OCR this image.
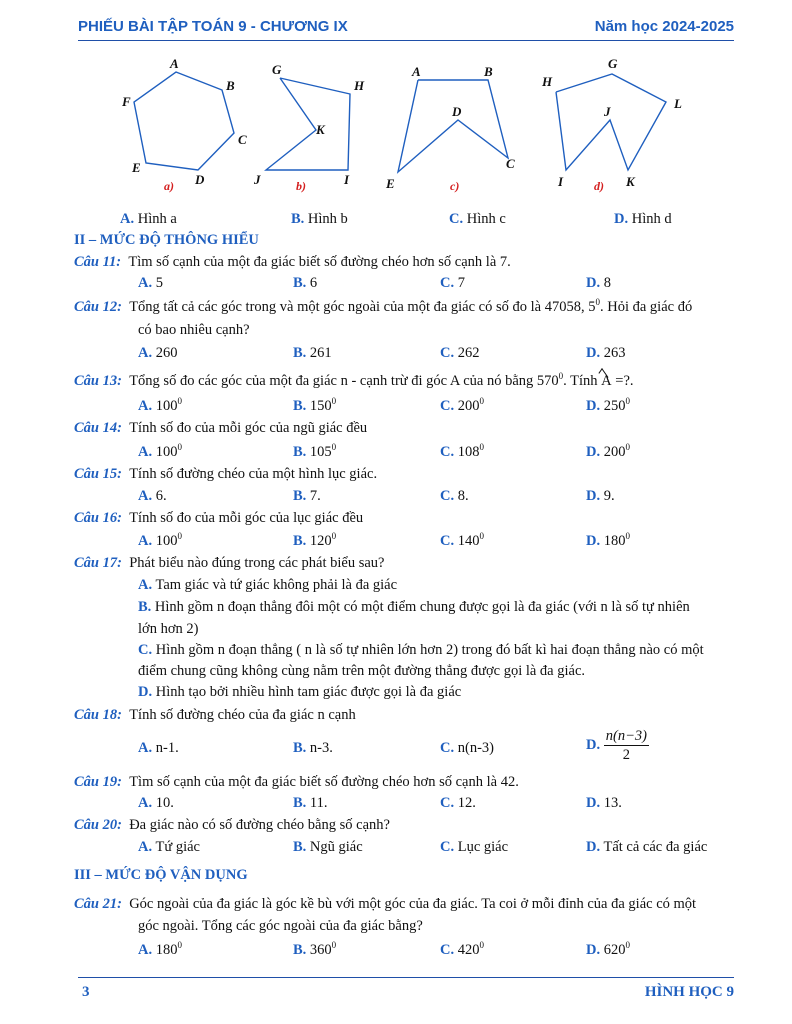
PHIẾU BÀI TẬP TOÁN 9 - CHƯƠNG IX	Năm học 2024-2025
A
B
C
D
E
F
G
H
K
I
J
A	B
D
C
E
G
H
L
J
I	K
a)	b)	c)	d)
A. Hình a	B. Hình b	C. Hình c	D. Hình d
II – MỨC ĐỘ THÔNG HIỂU
Câu 11: Tìm số cạnh của một đa giác biết số đường chéo hơn số cạnh là 7.
A. 5	B. 6	C. 7	D. 8
Câu 12: Tổng tất cả các góc trong và một góc ngoài của một đa giác có số đo là 47058, $5^0$. Hỏi đa giác đó
có bao nhiêu cạnh?
A. 260	B. 261	C. 262	D. 263
Câu 13: Tổng số đo các góc của một đa giác n - cạnh trừ đi góc A của nó bằng $570^0$. Tính A =?.
A. $100^0$	B. $150^0$	C. $200^0$	D. $250^0$
Câu 14: Tính số đo của mỗi góc của ngũ giác đều
A. $100^0$	B. $105^0$	C. $108^0$	D. $200^0$
Câu 15: Tính số đường chéo của một hình lục giác.
A. 6.	B. 7.	C. 8.	D. 9.
Câu 16: Tính số đo của mỗi góc của lục giác đều
A. $100^0$	B. $120^0$	C. $140^0$	D. $180^0$
Câu 17: Phát biểu nào đúng trong các phát biểu sau?
A. Tam giác và tứ giác không phải là đa giác
B. Hình gồm n đoạn thẳng đôi một có một điểm chung được gọi là đa giác (với n là số tự nhiên
lớn hơn 2)
C. Hình gồm n đoạn thẳng ( n là số tự nhiên lớn hơn 2) trong đó bất kì hai đoạn thẳng nào có một
điểm chung cũng không cùng nằm trên một đường thẳng được gọi là đa giác.
D. Hình tạo bởi nhiều hình tam giác được gọi là đa giác
Câu 18: Tính số đường chéo của đa giác n cạnh
A. n-1.	B. n-3.	C. n(n-3)	D. $\frac{n(n-3)}{2}$
Câu 19: Tìm số cạnh của một đa giác biết số đường chéo hơn số cạnh là 42.
A. 10.	B. 11.	C. 12.	D. 13.
Câu 20: Đa giác nào có số đường chéo bằng số cạnh?
A. Tứ giác	B. Ngũ giác	C. Lục giác	D. Tất cả các đa giác
III – MỨC ĐỘ VẬN DỤNG
Câu 21: Góc ngoài của đa giác là góc kề bù với một góc của đa giác. Ta coi ở mỗi đỉnh của đa giác có một
góc ngoài. Tổng các góc ngoài của đa giác bằng?
A. $180^0$	B. $360^0$	C. $420^0$	D. $620^0$
3	HÌNH HỌC 9
